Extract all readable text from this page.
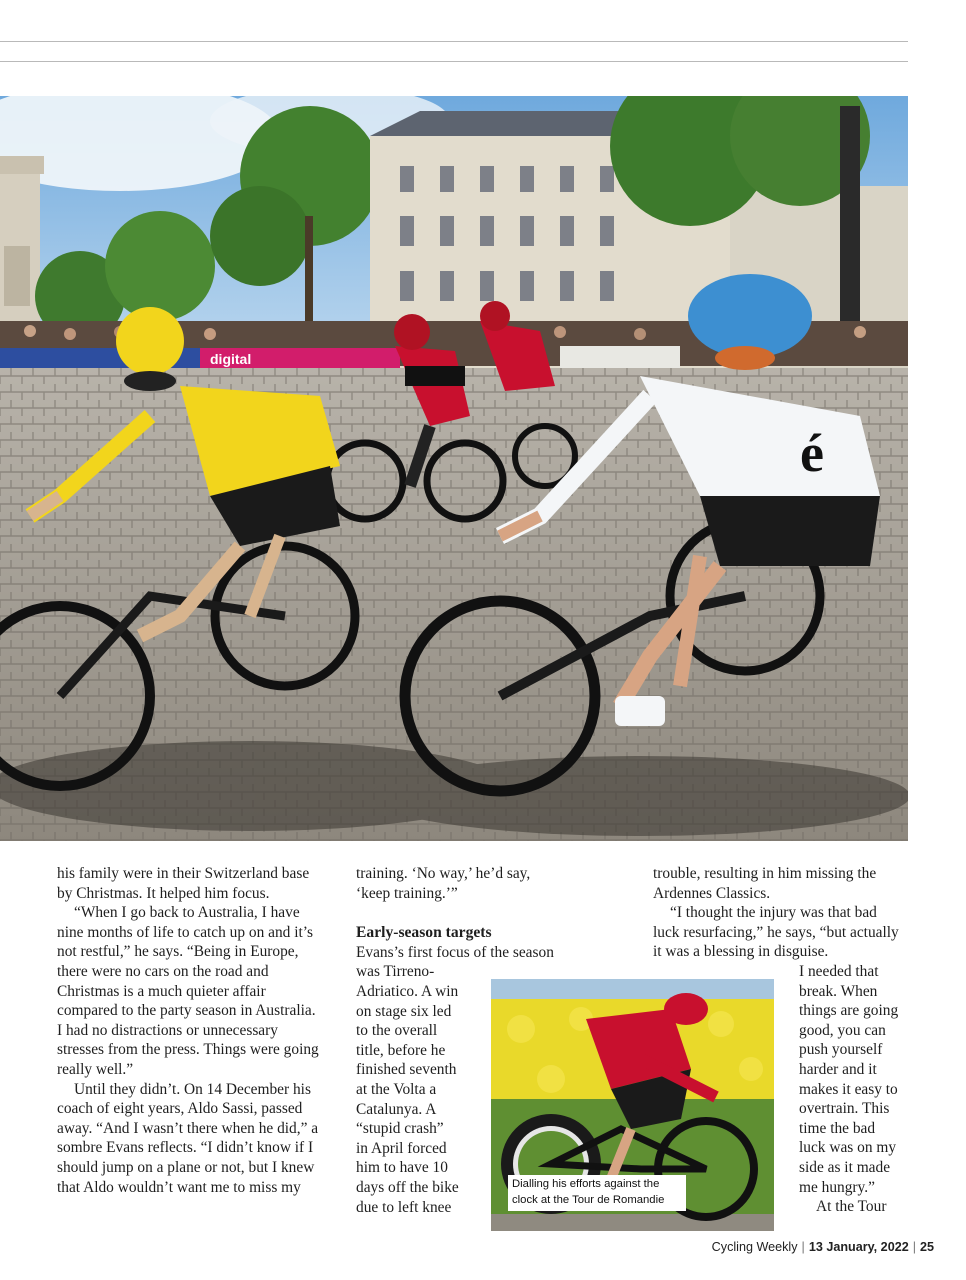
digital
é

his family were in their Switzerland base by Christmas. It helped him focus.

“When I go back to Australia, I have nine months of life to catch up on and it’s not restful,” he says. “Being in Europe, there were no cars on the road and Christmas is a much quieter affair compared to the party season in Australia. I had no distractions or unnecessary stresses from the press. Things were going really well.”

Until they didn’t. On 14 December his coach of eight years, Aldo Sassi, passed away. “And I wasn’t there when he did,” a sombre Evans reflects. “I didn’t know if I should jump on a plane or not, but I knew that Aldo wouldn’t want me to miss my

training. ‘No way,’ he’d say, ‘keep training.’”

Early-season targets

Evans’s first focus of the season

was Tirreno-

Adriatico. A win

on stage six led

to the overall

title, before he

finished seventh

at the Volta a

Catalunya. A

“stupid crash”

in April forced

him to have 10

days off the bike

due to left knee

trouble, resulting in him missing the Ardennes Classics.

“I thought the injury was that bad luck resurfacing,” he says, “but actually it was a blessing in disguise.

I needed that

break. When

things are going

good, you can

push yourself

harder and it

makes it easy to

overtrain. This

time the bad

luck was on my

side as it made

me hungry.”

At the Tour

Dialling his efforts against the clock at the Tour de Romandie
Cycling Weekly | 13 January, 2022 | 25
